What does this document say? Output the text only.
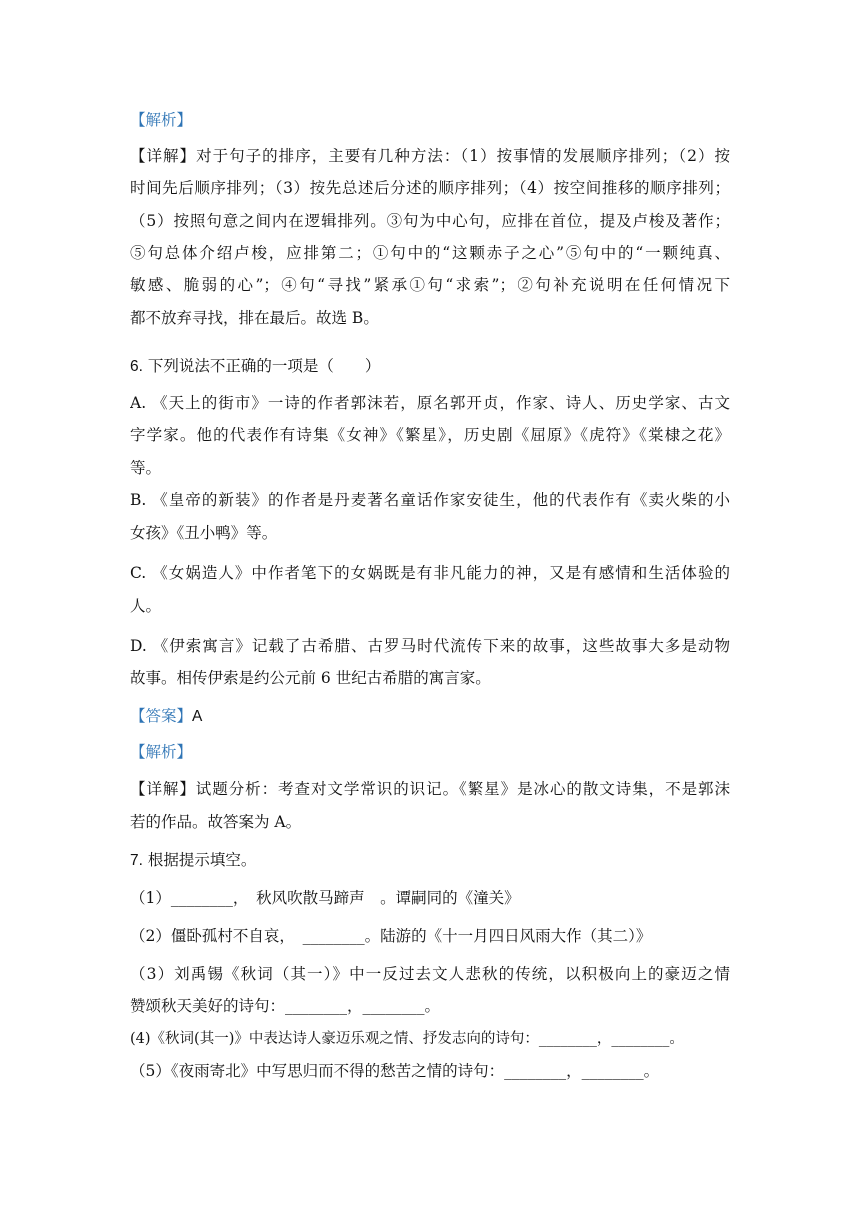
【解析】
【详解】对于句子的排序，主要有几种方法：（1）按事情的发展顺序排列；（2）按
时间先后顺序排列；（3）按先总述后分述的顺序排列；（4）按空间推移的顺序排列；
（5）按照句意之间内在逻辑排列。③句为中心句，应排在首位，提及卢梭及著作；
⑤句总体介绍卢梭，应排第二；①句中的“这颗赤子之心”⑤句中的“一颗纯真、
敏感、脆弱的心”；④句“寻找”紧承①句“求索”；②句补充说明在任何情况下
都不放弃寻找，排在最后。故选 B。
6. 下列说法不正确的一项是（　　）
A. 《天上的街市》一诗的作者郭沫若，原名郭开贞，作家、诗人、历史学家、古文
字学家。他的代表作有诗集《女神》《繁星》，历史剧《屈原》《虎符》《棠棣之花》
等。
B. 《皇帝的新装》的作者是丹麦著名童话作家安徒生，他的代表作有《卖火柴的小
女孩》《丑小鸭》等。
C. 《女娲造人》中作者笔下的女娲既是有非凡能力的神，又是有感情和生活体验的
人。
D. 《伊索寓言》记载了古希腊、古罗马时代流传下来的故事，这些故事大多是动物
故事。相传伊索是约公元前 6 世纪古希腊的寓言家。
【答案】A
【解析】
【详解】试题分析：考查对文学常识的识记。《繁星》是冰心的散文诗集，不是郭沫
若的作品。故答案为 A。
7. 根据提示填空。
（1）________，　秋风吹散马蹄声　。谭嗣同的《潼关》
（2）僵卧孤村不自哀，　________。陆游的《十一月四日风雨大作（其二）》
（3）刘禹锡《秋词（其一）》中一反过去文人悲秋的传统，以积极向上的豪迈之情
赞颂秋天美好的诗句：________，________。
(4)《秋词(其一)》中表达诗人豪迈乐观之情、抒发志向的诗句：________，________。
（5）《夜雨寄北》中写思归而不得的愁苦之情的诗句：________，________。
